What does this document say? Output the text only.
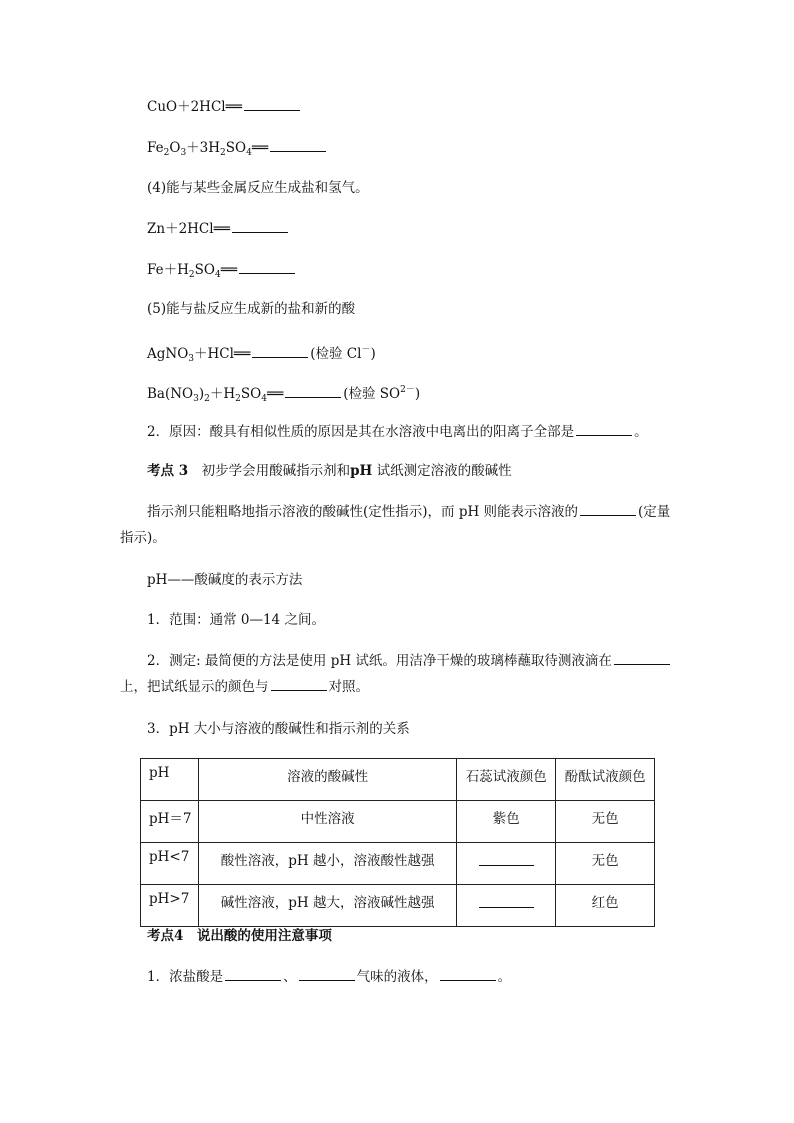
CuO＋2HCl══
$Fe_2O_3+3H_2SO_4══$
(4)能与某些金属反应生成盐和氢气。
Zn＋2HCl══
$Fe+H_2SO_4══$
(5)能与盐反应生成新的盐和新的酸
AgNO$_3$＋HCl══	(检验 Cl－)
$Ba(NO_3)_2+H_2SO_4══$	(检验 $SO^{2-}$)
2．原因：酸具有相似性质的原因是其在水溶液中电离出的阳离子全部是	。
考点 3　初步学会用酸碱指示剂和pH 试纸测定溶液的酸碱性
指示剂只能粗略地指示溶液的酸碱性(定性指示)，而 pH 则能表示溶液的	(定量指示)。
pH——酸碱度的表示方法
1．范围：通常 0—14 之间。
2．测定: 最简便的方法是使用 pH 试纸。用洁净干燥的玻璃棒蘸取待测液滴在上，把试纸显示的颜色与	对照。
3．pH 大小与溶液的酸碱性和指示剂的关系
pH	溶液的酸碱性	石蕊试液颜色	酚酞试液颜色

pH＝7	中性溶液	紫色	无色

pH<7	酸性溶液，pH 越小，溶液酸性越强		无色

pH>7	碱性溶液，pH 越大，溶液碱性越强		红色
考点4　说出酸的使用注意事项
1．浓盐酸是	、	气味的液体，	。
